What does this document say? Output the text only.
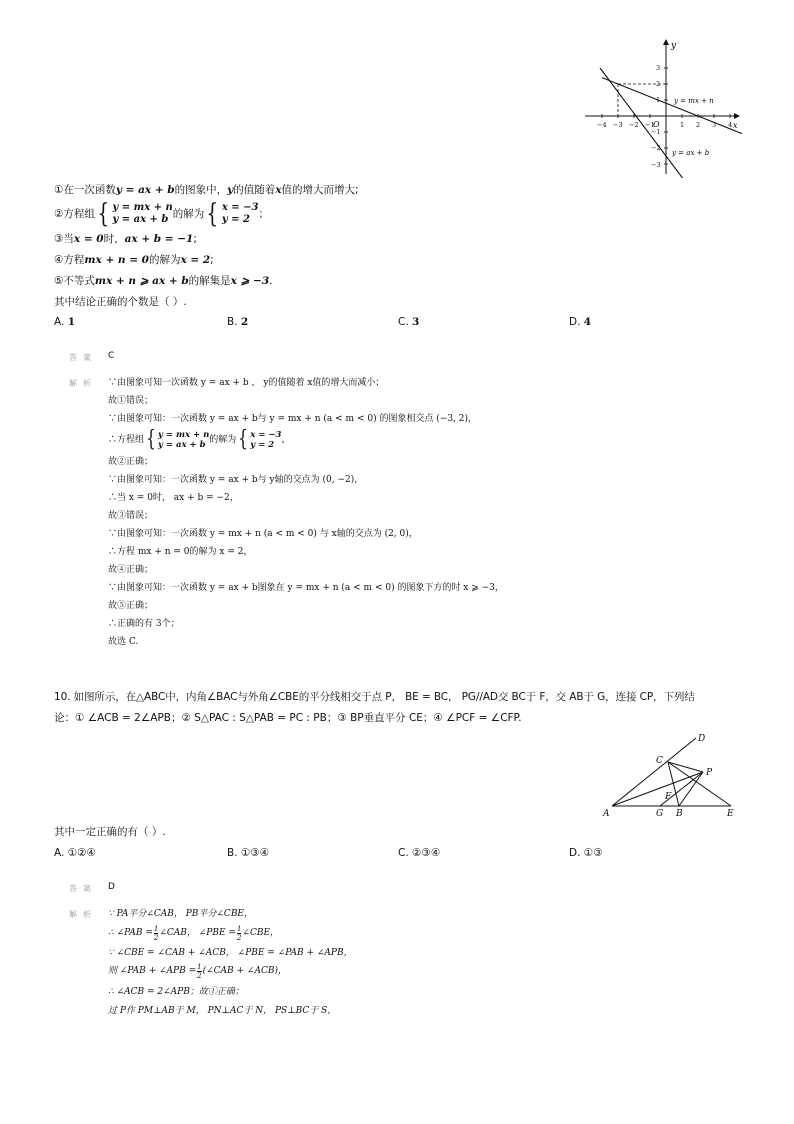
y
x
O
−4 −3 −2 −1	1 2 3 4
3
2
1
−1
−2
−3
y = mx + n
y = ax + b
①在一次函数y = ax + b的图象中，y的值随着x值的增大而增大;
②方程组 { y = mx + n
y = ax + b 的解为 { x = −3
y = 2 ；
③当x = 0时，ax + b = −1;
④方程mx + n = 0的解为x = 2;
⑤不等式mx + n ⩾ ax + b的解集是x ⩾ −3.
其中结论正确的个数是（ ）.
A. 1	B. 2	C. 3	D. 4
答案 C
解析 ∵由图象可知一次函数 y = ax + b ， y的值随着 x值的增大而减小；
故①错误；
∵由图象可知：一次函数 y = ax + b与 y = mx + n (a < m < 0) 的图象相交点 (−3, 2)，
∴方程组 { y = mx + n
y = ax + b 的解为 { x = −3
y = 2 ，
故②正确；
∵由图象可知：一次函数 y = ax + b与 y轴的交点为 (0, −2)，
∴当 x = 0时， ax + b = −2，
故③错误；
∵由图象可知：一次函数 y = mx + n (a < m < 0) 与 x轴的交点为 (2, 0)，
∴方程 mx + n = 0的解为 x = 2，
故④正确；
∵由图象可知：一次函数 y = ax + b图象在 y = mx + n (a < m < 0) 的图象下方的时 x ⩾ −3，
故⑤正确；
∴正确的有 3个；
故选 C.
10. 如图所示，在△ABC中，内角∠BAC与外角∠CBE的平分线相交于点 P， BE = BC， PG//AD交 BC于 F，交 AB于 G，连接 CP，下列结
论：① ∠ACB = 2∠APB；② S△PAC : S△PAB = PC : PB；③ BP垂直平分 CE；④ ∠PCF = ∠CFP.
D
C
P
F
A	G B	E
其中一定正确的有（ ）.
A. ①②④	B. ①③④	C. ②③④	D. ①③
答案 D
解析 ∵ PA平分∠CAB， PB平分∠CBE，
∴ ∠PAB = $\frac{1}{2}$ ∠CAB， ∠PBE = $\frac{1}{2}$ ∠CBE，
∵ ∠CBE = ∠CAB + ∠ACB， ∠PBE = ∠PAB + ∠APB，
则 ∠PAB + ∠APB = $\frac{1}{2}$ (∠CAB + ∠ACB)，
∴ ∠ACB = 2∠APB；故①正确；
过 P作 PM⊥AB于 M， PN⊥AC于 N， PS⊥BC于 S，
